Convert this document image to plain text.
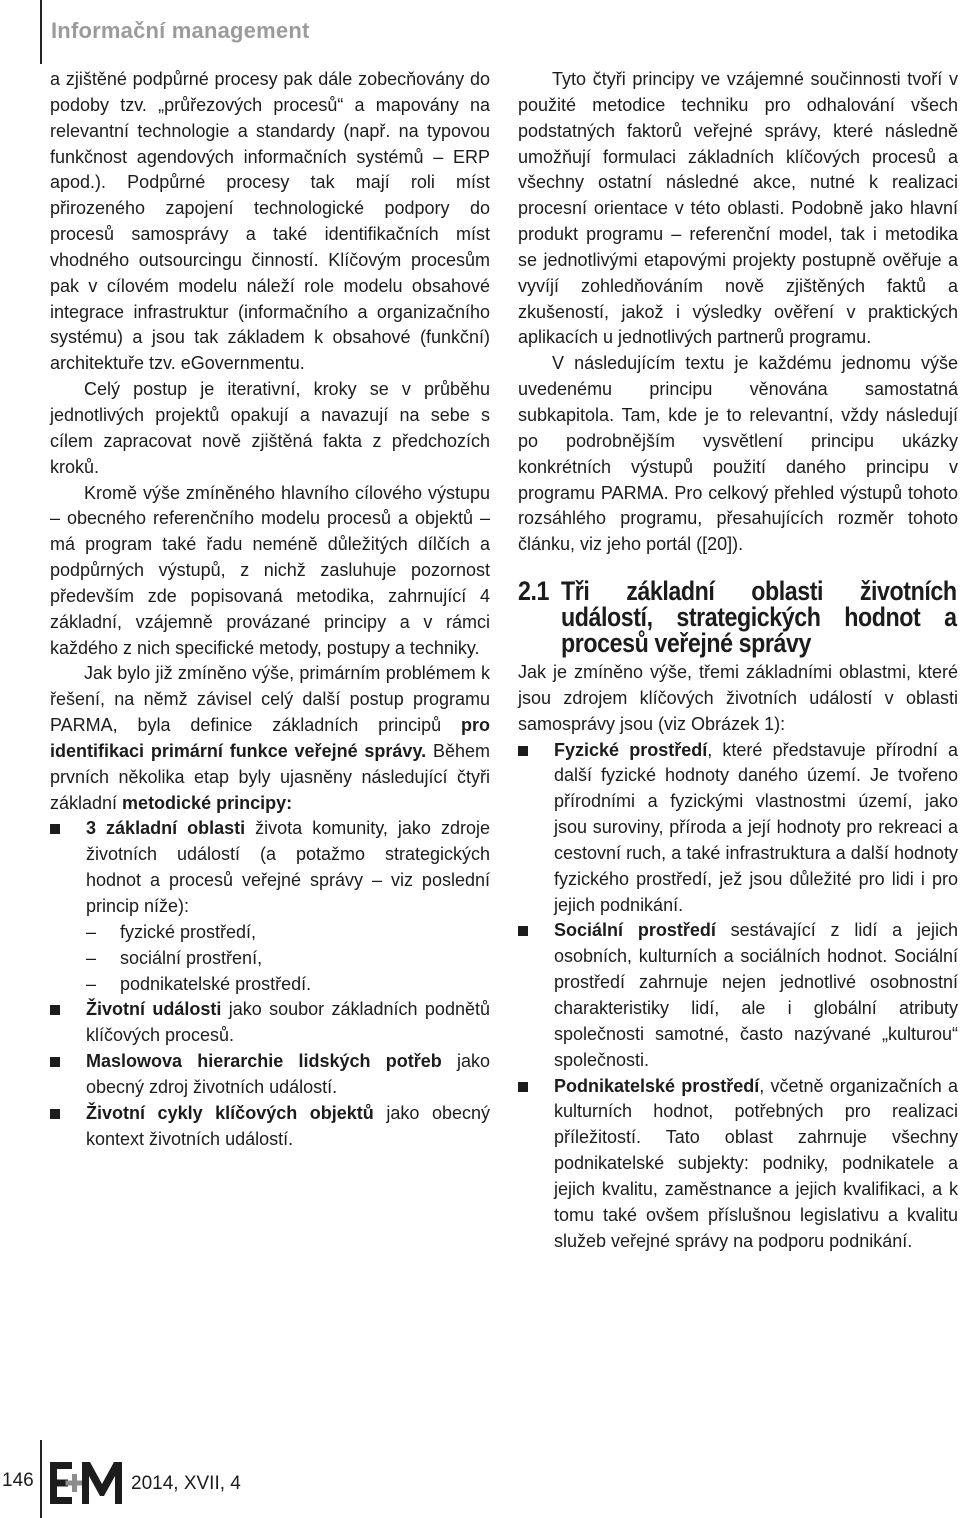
Informační management

a zjištěné podpůrné procesy pak dále zobecňovány do podoby tzv. „průřezových procesů“ a mapovány na relevantní technologie a standardy (např. na typovou funkčnost agendových informačních systémů – ERP apod.). Podpůrné procesy tak mají roli míst přirozeného zapojení technologické podpory do procesů samosprávy a také identifikačních míst vhodného outsourcingu činností. Klíčovým procesům pak v cílovém modelu náleží role modelu obsahové integrace infrastruktur (informačního a organizačního systému) a jsou tak základem k obsahové (funkční) architektuře tzv. eGovernmentu.

Celý postup je iterativní, kroky se v průběhu jednotlivých projektů opakují a navazují na sebe s cílem zapracovat nově zjištěná fakta z předchozích kroků.

Kromě výše zmíněného hlavního cílového výstupu – obecného referenčního modelu procesů a objektů – má program také řadu neméně důležitých dílčích a podpůrných výstupů, z nichž zasluhuje pozornost především zde popisovaná metodika, zahrnující 4 základní, vzájemně provázané principy a v rámci každého z nich specifické metody, postupy a techniky.

Jak bylo již zmíněno výše, primárním problémem k řešení, na němž závisel celý další postup programu PARMA, byla definice základních principů pro identifikaci primární funkce veřejné správy. Během prvních několika etap byly ujasněny následující čtyři základní metodické principy:

3 základní oblasti života komunity, jako zdroje životních událostí (a potažmo strategických hodnot a procesů veřejné správy – viz poslední princip níže):
– fyzické prostředí,
– sociální prostření,
– podnikatelské prostředí.
Životní události jako soubor základních podnětů klíčových procesů.
Maslowova hierarchie lidských potřeb jako obecný zdroj životních událostí.
Životní cykly klíčových objektů jako obecný kontext životních událostí.

Tyto čtyři principy ve vzájemné součinnosti tvoří v použité metodice techniku pro odhalování všech podstatných faktorů veřejné správy, které následně umožňují formulaci základních klíčových procesů a všechny ostatní následné akce, nutné k realizaci procesní orientace v této oblasti. Podobně jako hlavní produkt programu – referenční model, tak i metodika se jednotlivými etapovými projekty postupně ověřuje a vyvíjí zohledňováním nově zjištěných faktů a zkušeností, jakož i výsledky ověření v praktických aplikacích u jednotlivých partnerů programu.

V následujícím textu je každému jednomu výše uvedenému principu věnována samostatná subkapitola. Tam, kde je to relevantní, vždy následují po podrobnějším vysvětlení principu ukázky konkrétních výstupů použití daného principu v programu PARMA. Pro celkový přehled výstupů tohoto rozsáhlého programu, přesahujících rozměr tohoto článku, viz jeho portál ([20]).

2.1 Tři základní oblasti životních událostí, strategických hodnot a procesů veřejné správy

Jak je zmíněno výše, třemi základními oblastmi, které jsou zdrojem klíčových životních událostí v oblasti samosprávy jsou (viz Obrázek 1):

Fyzické prostředí, které představuje přírodní a další fyzické hodnoty daného území. Je tvořeno přírodními a fyzickými vlastnostmi území, jako jsou suroviny, příroda a její hodnoty pro rekreaci a cestovní ruch, a také infrastruktura a další hodnoty fyzického prostředí, jež jsou důležité pro lidi i pro jejich podnikání.
Sociální prostředí sestávající z lidí a jejich osobních, kulturních a sociálních hodnot. Sociální prostředí zahrnuje nejen jednotlivé osobnostní charakteristiky lidí, ale i globální atributy společnosti samotné, často nazývané „kulturou“ společnosti.
Podnikatelské prostředí, včetně organizačních a kulturních hodnot, potřebných pro realizaci příležitostí. Tato oblast zahrnuje všechny podnikatelské subjekty: podniky, podnikatele a jejich kvalitu, zaměstnance a jejich kvalifikaci, a k tomu také ovšem příslušnou legislativu a kvalitu služeb veřejné správy na podporu podnikání.
146	2014, XVII, 4
